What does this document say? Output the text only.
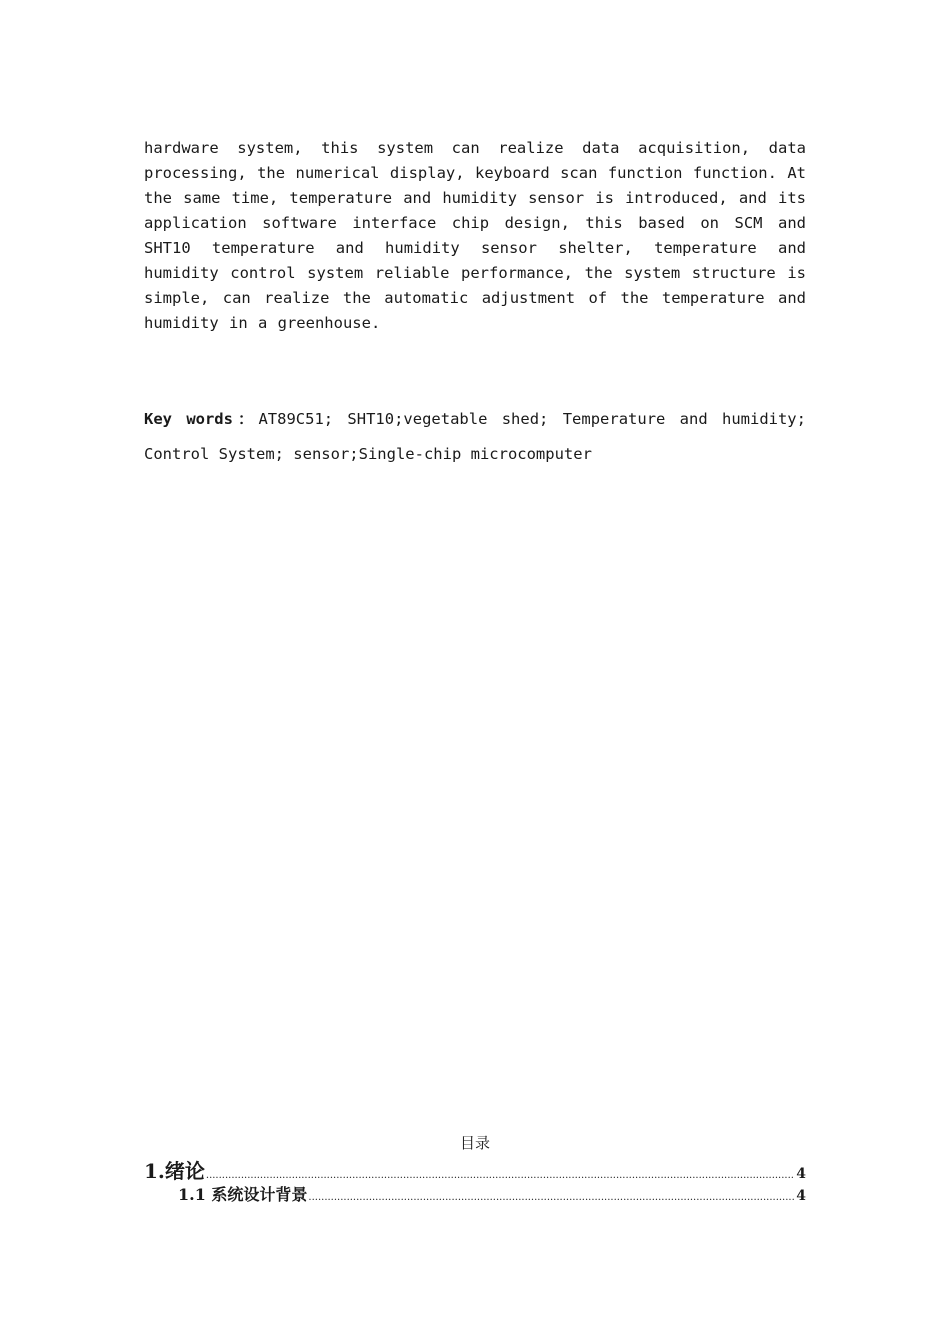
hardware system, this system can realize data acquisition, data processing, the numerical display, keyboard scan function function. At the same time, temperature and humidity sensor is introduced, and its application software interface chip design, this based on SCM and SHT10 temperature and humidity sensor shelter, temperature and humidity control system reliable performance, the system structure is simple, can realize the automatic adjustment of the temperature and humidity in a greenhouse.
Key words：AT89C51; SHT10;vegetable shed; Temperature and humidity; Control System; sensor;Single-chip microcomputer
目录
1.绪论 .....	4
1.1 系统设计背景 .....	4
